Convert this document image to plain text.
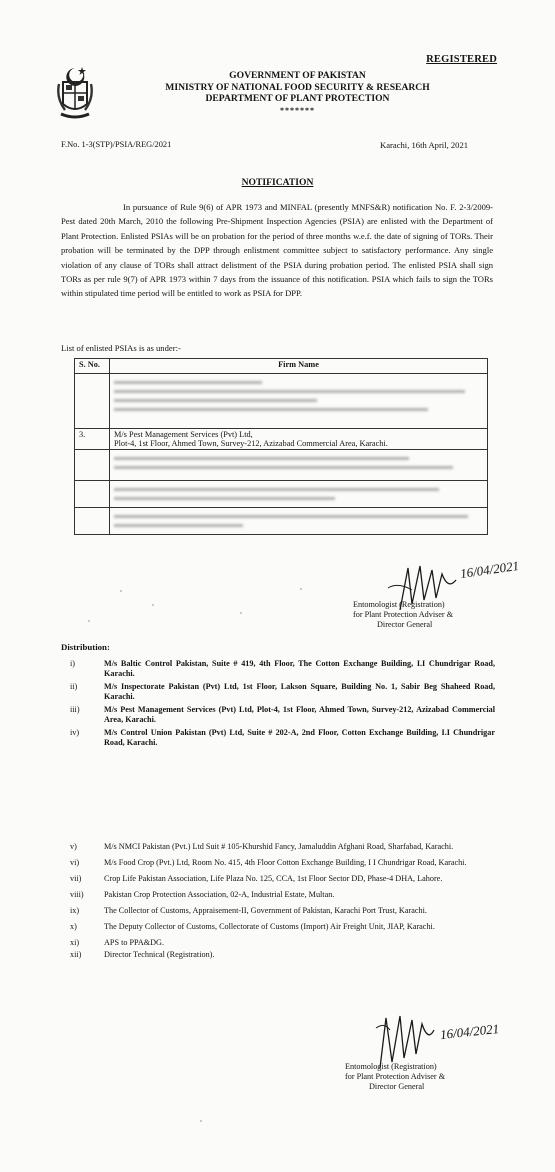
REGISTERED
GOVERNMENT OF PAKISTAN
MINISTRY OF NATIONAL FOOD SECURITY & RESEARCH
DEPARTMENT OF PLANT PROTECTION
*******
F.No. 1-3(STP)/PSIA/REG/2021	Karachi, 16th April, 2021
NOTIFICATION
In pursuance of Rule 9(6) of APR 1973 and MINFAL (presently MNFS&R) notification No. F. 2-3/2009-Pest dated 20th March, 2010 the following Pre-Shipment Inspection Agencies (PSIA) are enlisted with the Department of Plant Protection. Enlisted PSIAs will be on probation for the period of three months w.e.f. the date of signing of TORs. Their probation will be terminated by the DPP through enlistment committee subject to satisfactory performance. Any single violation of any clause of TORs shall attract delistment of the PSIA during probation period. The enlisted PSIA shall sign TORs as per rule 9(7) of APR 1973 within 7 days from the issuance of this notification. PSIA which fails to sign the TORs within stipulated time period will be entitled to work as PSIA for DPP.
List of enlisted PSIAs is as under:-
S. No.	Firm Name

3.	M/s Pest Management Services (Pvt) Ltd,
Plot-4, 1st Floor, Ahmed Town, Survey-212, Azizabad Commercial Area, Karachi.

16/04/2021
Entomologist (Registration)
for Plant Protection Adviser &
Director General
Distribution:
i)	M/s Baltic Control Pakistan, Suite # 419, 4th Floor, The Cotton Exchange Building, I.I Chundrigar Road, Karachi.
ii)	M/s Inspectorate Pakistan (Pvt) Ltd, 1st Floor, Lakson Square, Building No. 1, Sabir Beg Shaheed Road, Karachi.
iii)	M/s Pest Management Services (Pvt) Ltd, Plot-4, 1st Floor, Ahmed Town, Survey-212, Azizabad Commercial Area, Karachi.
iv)	M/s Control Union Pakistan (Pvt) Ltd, Suite # 202-A, 2nd Floor, Cotton Exchange Building, I.I Chundrigar Road, Karachi.
v)	M/s NMCI Pakistan (Pvt.) Ltd Suit # 105-Khurshid Fancy, Jamaluddin Afghani Road, Sharfabad, Karachi.
vi)	M/s Food Crop (Pvt.) Ltd, Room No. 415, 4th Floor Cotton Exchange Building, I I Chundrigar Road, Karachi.
vii)	Crop Life Pakistan Association, Life Plaza No. 125, CCA, 1st Floor Sector DD, Phase-4 DHA, Lahore.
viii)	Pakistan Crop Protection Association, 02-A, Industrial Estate, Multan.
ix)	The Collector of Customs, Appraisement-II, Government of Pakistan, Karachi Port Trust, Karachi.
x)	The Deputy Collector of Customs, Collectorate of Customs (Import) Air Freight Unit, JIAP, Karachi.
xi)	APS to PPA&DG.
xii)	Director Technical (Registration).
16/04/2021
Entomologist (Registration)
for Plant Protection Adviser &
Director General
